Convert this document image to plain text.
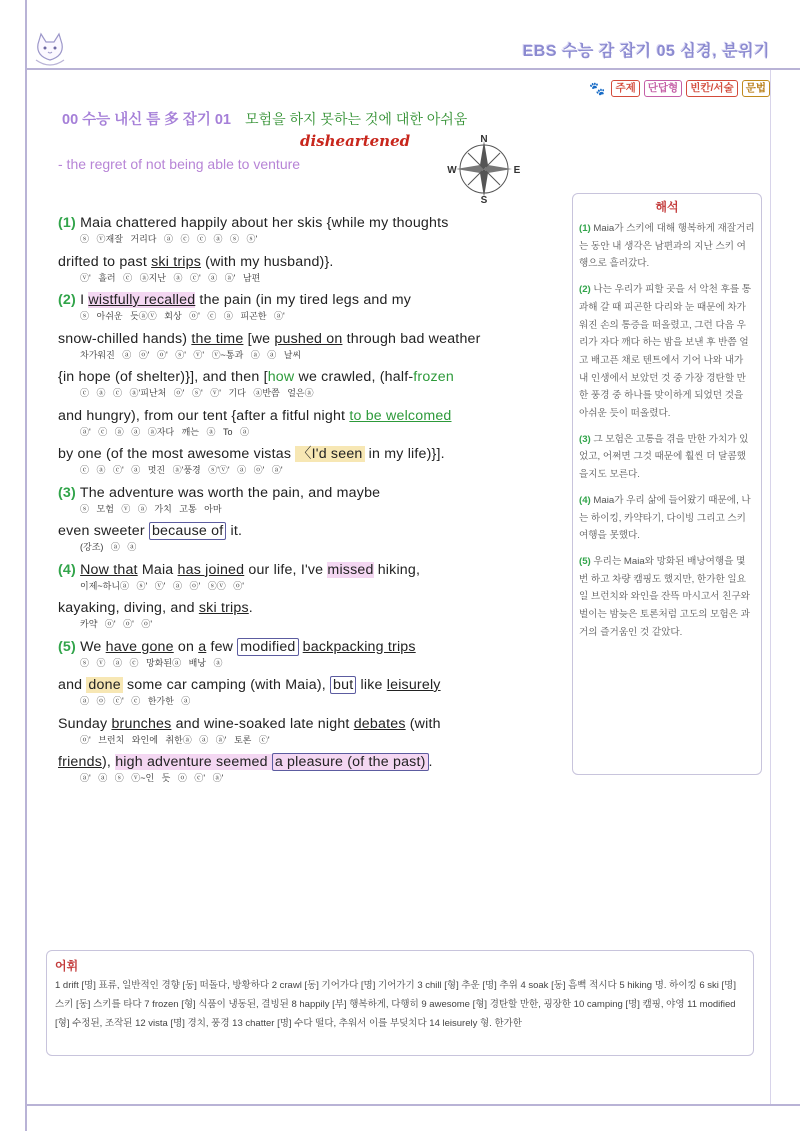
EBS 수능 감 잡기 05 심경, 분위기
🐾 주제	단답형	빈칸/서술	문법
00 수능 내신 틈 多 잡기 01 모험을 하지 못하는 것에 대한 아쉬움
disheartened
- the regret of not being able to venture
N
S
W	E
(1) Maia chattered happily about her skis {while my thoughts
ⓢ ⓥ재잘 거리다 ⓐ ⓒ ⓒ ⓐ ⓢ ⓢ'
drifted to past ski trips (with my husband)}.
ⓥ' 흘러 ⓒ ⓐ지난 ⓐ ⓒ' ⓐ ⓐ' 남편
(2) I wistfully recalled the pain (in my tired legs and my
ⓢ 아쉬운 듯ⓐⓥ 회상 ⓞ' ⓒ ⓐ 피곤한 ⓐ'
snow-chilled hands) the time [we pushed on through bad weather
차가워진 ⓐ ⓞ' ⓞ' ⓢ' ⓥ' ⓥ~통과 ⓐ ⓐ 날씨
{in hope (of shelter)}], and then [how we crawled, (half-frozen
ⓒ ⓐ ⓒ ⓐ'피난처 ⓞ' ⓢ' ⓥ' 기다 ⓐ반쯤 얼은ⓐ
and hungry), from our tent {after a fitful night to be welcomed
ⓐ' ⓒ ⓐ ⓐ ⓐ자다 깨는 ⓐ To ⓐ
by one (of the most awesome vistas 〈I'd seen in my life)}].
ⓒ ⓐ ⓒ' ⓐ 멋진 ⓐ'풍경 ⓢ'ⓥ' ⓐ ⓞ' ⓐ'
(3) The adventure was worth the pain, and maybe
ⓢ 모험 ⓥ ⓐ 가치 고통 아마
even sweeter because of it.
(강조) ⓐ ⓐ
(4) Now that Maia has joined our life, I've missed hiking,
이제~하니ⓐ ⓢ' ⓥ' ⓐ ⓞ' ⓢⓥ ⓞ'
kayaking, diving, and ski trips.
카약 ⓞ' ⓞ' ⓞ'
(5) We have gone on a few modified backpacking trips
ⓢ ⓥ ⓐ ⓒ 망화된ⓐ 배낭 ⓐ
and done some car camping (with Maia), but like leisurely
ⓐ ⓞ ⓒ' ⓒ 한가한 ⓐ
Sunday brunches and wine-soaked late night debates (with
ⓞ' 브런치 와인에 취한ⓐ ⓐ ⓐ' 토론 ⓒ'
friends), high adventure seemed a pleasure (of the past) .
ⓐ' ⓐ ⓢ ⓥ~인 듯 ⓞ ⓒ' ⓐ'
해석
(1) Maia가 스키에 대해 행복하게 재잘거리는 동안 내 생각은 남편과의 지난 스키 여행으로 흘러갔다.
(2) 나는 우리가 피할 곳을 서 악천 후를 통과해 갈 때 피곤한 다리와 눈 때문에 차가워진 손의 통증을 떠올렸고, 그런 다음 우리가 자다 깨다 하는 밤을 보낸 후 반쯤 얼고 배고픈 채로 텐트에서 기어 나와 내가 내 인생에서 보았던 것 중 가장 경탄할 만한 풍경 중 하나를 맞이하게 되었던 것을 아쉬운 듯이 떠올렸다.
(3) 그 모험은 고통을 겪을 만한 가치가 있었고, 어쩌면 그것 때문에 훨씬 더 달콤했을지도 모른다.
(4) Maia가 우리 삶에 들어왔기 때문에, 나는 하이킹, 카약타기, 다이빙 그리고 스키 여행을 못했다.
(5) 우리는 Maia와 망화된 배낭여행을 몇 번 하고 차량 캠핑도 했지만, 한가한 일요일 브런치와 와인을 잔뜩 마시고서 친구와 벌이는 밤늦은 토론처럼 고도의 모험은 과거의 즐거움인 것 같았다.
어휘
1 drift [명] 표류, 일반적인 경향 [동] 떠돌다, 방황하다 2 crawl [동] 기어가다 [명] 기어가기 3 chill [형] 추운 [명] 추위 4 soak [동] 흠뻑 적시다 5 hiking 명. 하이킹 6 ski [명] 스키 [동] 스키를 타다 7 frozen [형] 식품이 냉동된, 결빙된 8 happily [부] 행복하게, 다행히 9 awesome [형] 경탄할 만한, 굉장한 10 camping [명] 캠핑, 야영 11 modified [형] 수정된, 조작된 12 vista [명] 경치, 풍경 13 chatter [명] 수다 떨다, 추워서 이를 부딪치다 14 leisurely 형. 한가한
